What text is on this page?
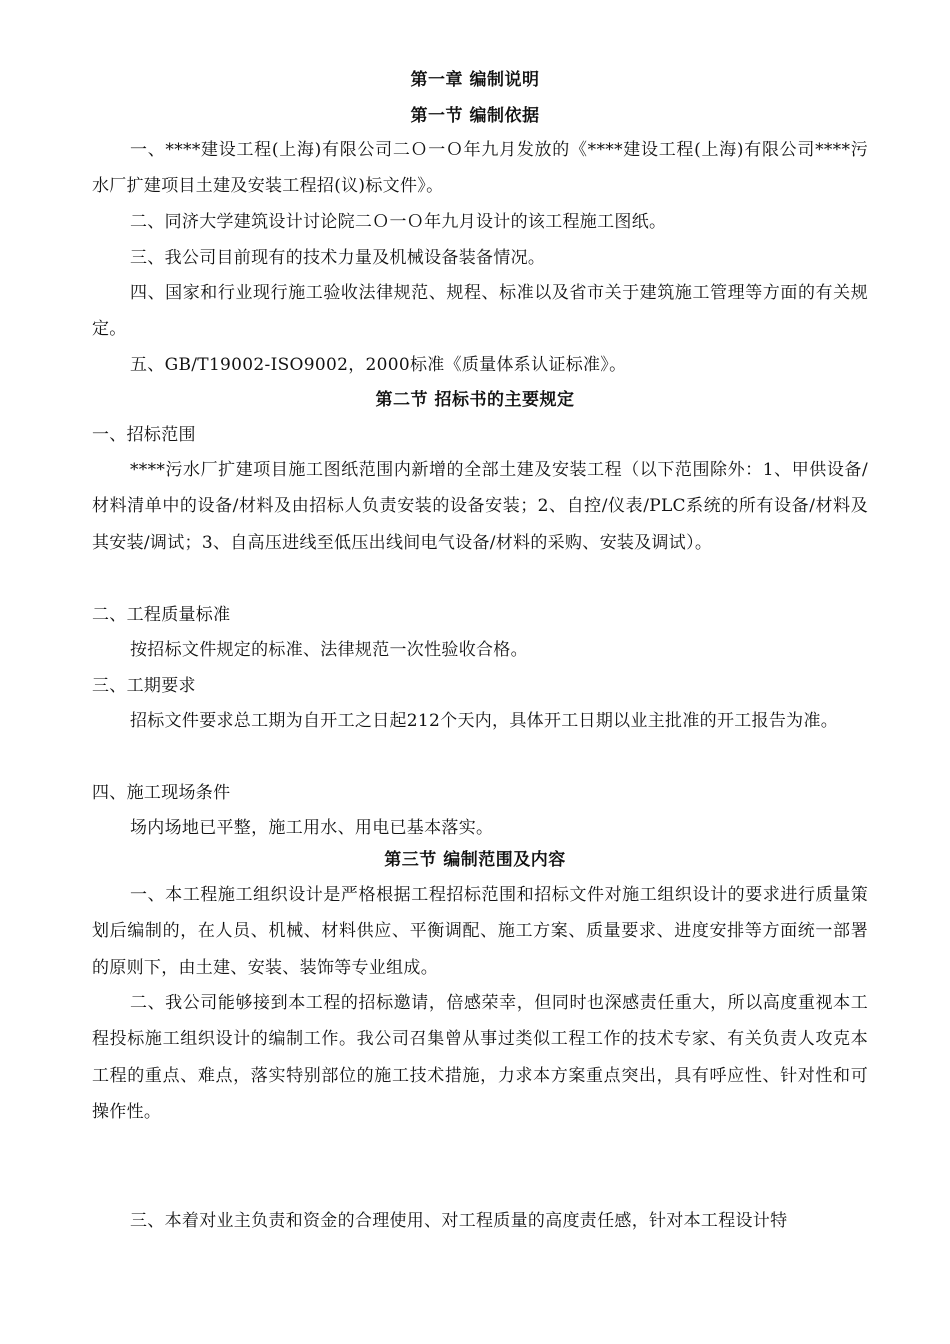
第一章 编制说明
第一节 编制依据

一、****建设工程(上海)有限公司二Ｏ一Ｏ年九月发放的《****建设工程(上海)有限公司****污水厂扩建项目土建及安装工程招(议)标文件》。

二、同济大学建筑设计讨论院二Ｏ一Ｏ年九月设计的该工程施工图纸。

三、我公司目前现有的技术力量及机械设备装备情况。

四、国家和行业现行施工验收法律规范、规程、标准以及省市关于建筑施工管理等方面的有关规定。

五、GB/T19002-ISO9002，2000标准《质量体系认证标准》。

第二节 招标书的主要规定

一、招标范围

****污水厂扩建项目施工图纸范围内新增的全部土建及安装工程（以下范围除外：1、甲供设备/材料清单中的设备/材料及由招标人负责安装的设备安装；2、自控/仪表/PLC系统的所有设备/材料及其安装/调试；3、自高压进线至低压出线间电气设备/材料的采购、安装及调试）。

二、工程质量标准

按招标文件规定的标准、法律规范一次性验收合格。

三、工期要求

招标文件要求总工期为自开工之日起212个天内，具体开工日期以业主批准的开工报告为准。

四、施工现场条件

场内场地已平整，施工用水、用电已基本落实。

第三节 编制范围及内容

一、本工程施工组织设计是严格根据工程招标范围和招标文件对施工组织设计的要求进行质量策划后编制的，在人员、机械、材料供应、平衡调配、施工方案、质量要求、进度安排等方面统一部署的原则下，由土建、安装、装饰等专业组成。

二、我公司能够接到本工程的招标邀请，倍感荣幸，但同时也深感责任重大，所以高度重视本工程投标施工组织设计的编制工作。我公司召集曾从事过类似工程工作的技术专家、有关负责人攻克本工程的重点、难点，落实特别部位的施工技术措施，力求本方案重点突出，具有呼应性、针对性和可操作性。

三、本着对业主负责和资金的合理使用、对工程质量的高度责任感，针对本工程设计特
